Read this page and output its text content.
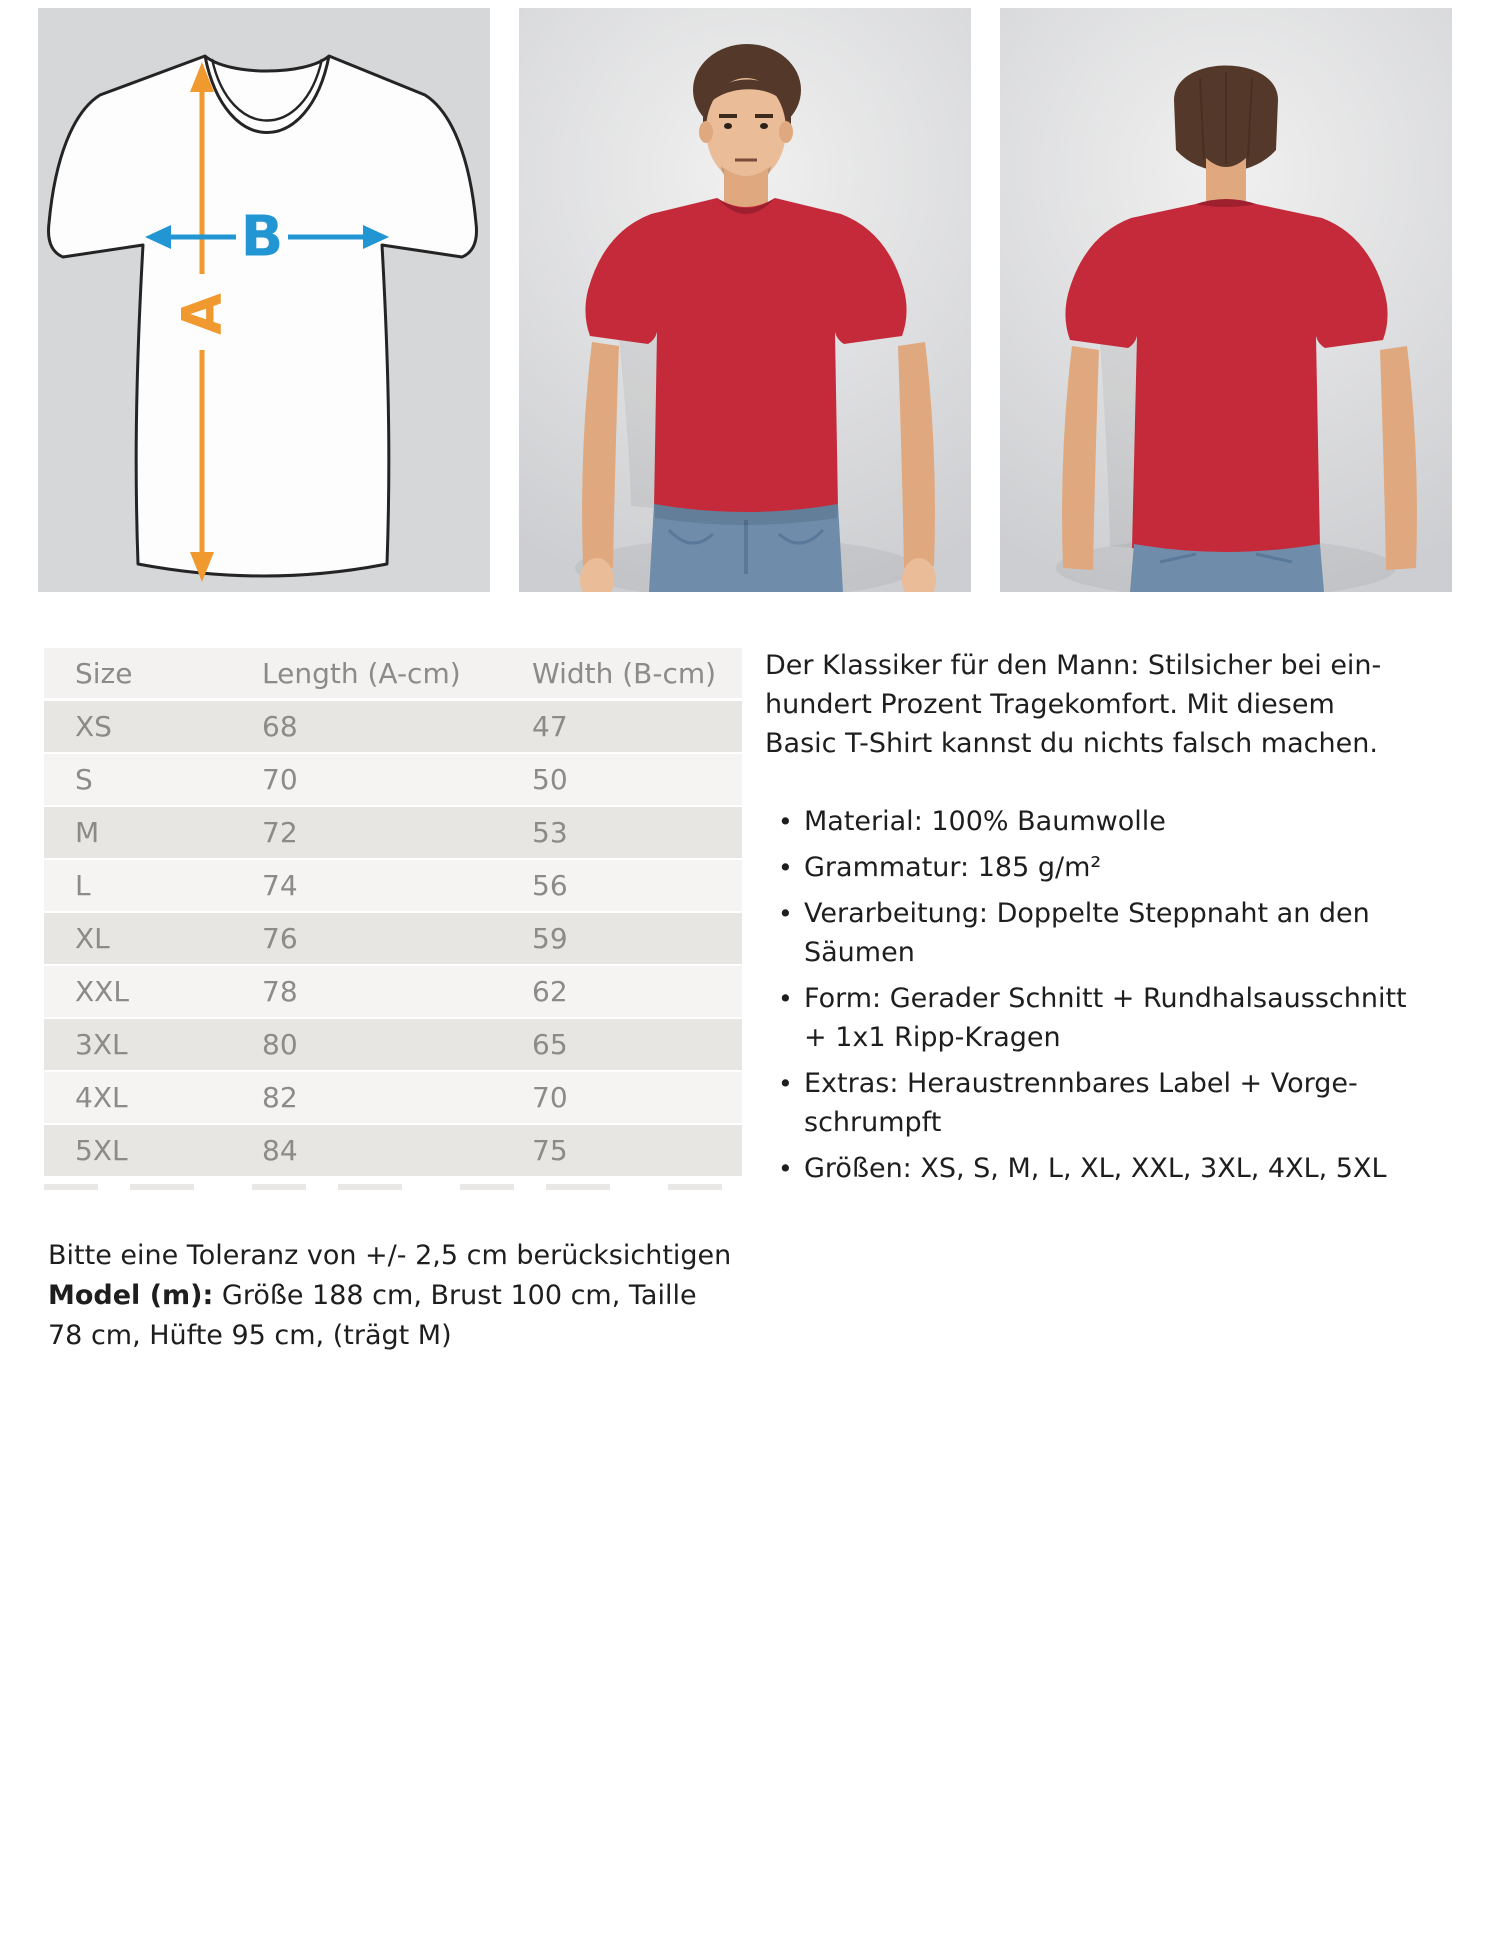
A
B
Size	Length (A-cm)	Width (B-cm)
XS	68	47
S	70	50
M	72	53
L	74	56
XL	76	59
XXL	78	62
3XL	80	65
4XL	82	70
5XL	84	75

Bitte eine Toleranz von +/- 2,5 cm berücksichtigen

Model (m): Größe 188 cm, Brust 100 cm, Taille
78 cm, Hüfte 95 cm, (trägt M)

Der Klassiker für den Mann: Stilsicher bei ein-
hundert Prozent Tragekomfort. Mit diesem
Basic T-Shirt kannst du nichts falsch machen.

• Material: 100% Baumwolle
• Grammatur: 185 g/m²
• Verarbeitung: Doppelte Steppnaht an den
Säumen
• Form: Gerader Schnitt + Rundhalsausschnitt
+ 1x1 Ripp-Kragen
• Extras: Heraustrennbares Label + Vorge-
schrumpft
• Größen: XS, S, M, L, XL, XXL, 3XL, 4XL, 5XL
